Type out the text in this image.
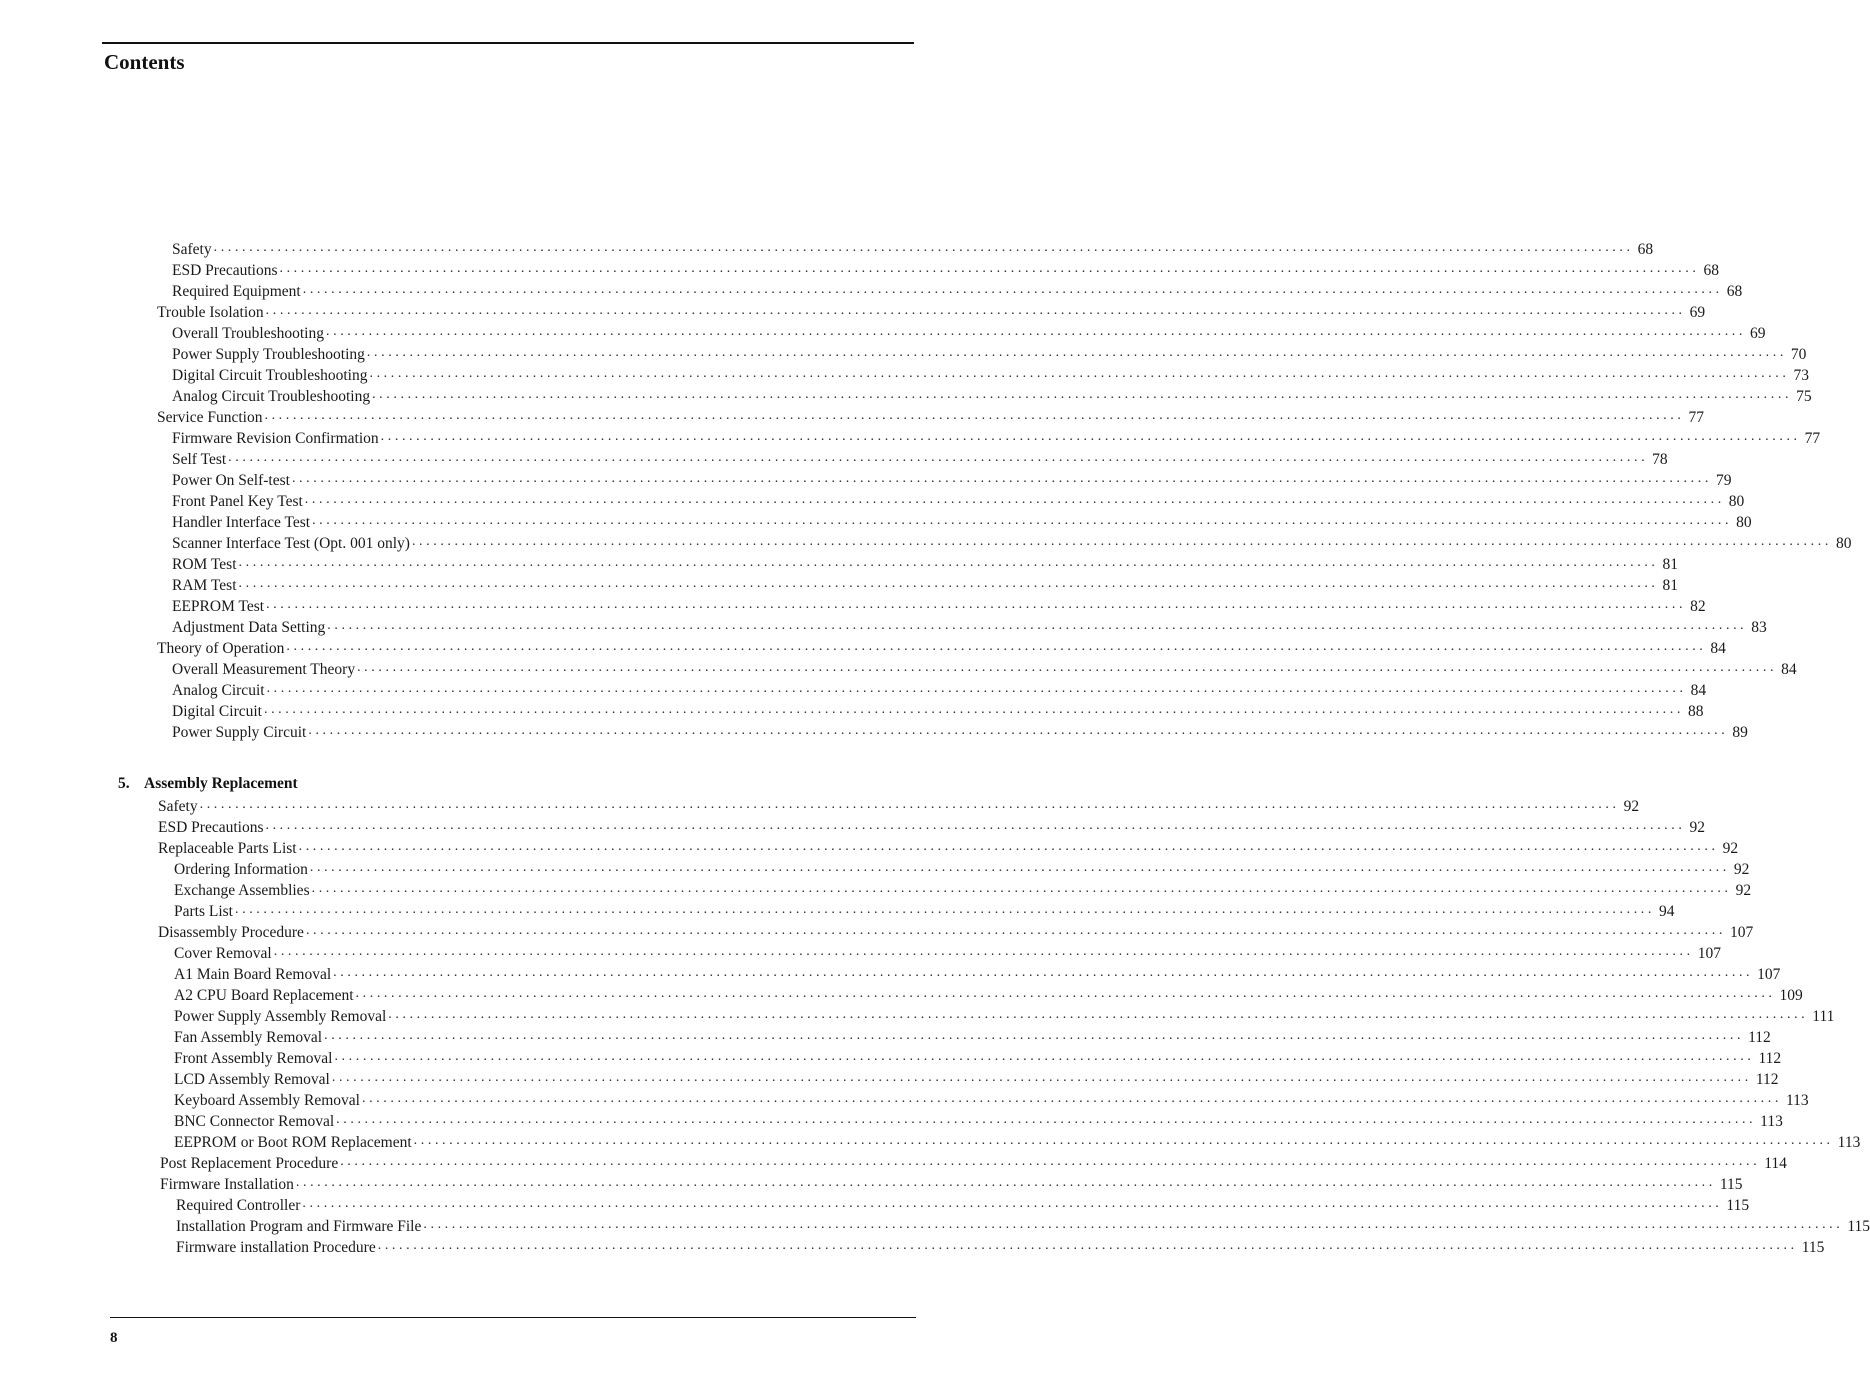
Contents
Safety ........................................................................................................................................................................................................ 68
ESD Precautions ........................................................................................................................................................................................................ 68
Required Equipment ........................................................................................................................................................................................................ 68
Trouble Isolation ........................................................................................................................................................................................................ 69
Overall Troubleshooting ........................................................................................................................................................................................................ 69
Power Supply Troubleshooting ........................................................................................................................................................................................................ 70
Digital Circuit Troubleshooting ........................................................................................................................................................................................................ 73
Analog Circuit Troubleshooting ........................................................................................................................................................................................................ 75
Service Function ........................................................................................................................................................................................................ 77
Firmware Revision Confirmation ........................................................................................................................................................................................................ 77
Self Test ........................................................................................................................................................................................................ 78
Power On Self-test ........................................................................................................................................................................................................ 79
Front Panel Key Test ........................................................................................................................................................................................................ 80
Handler Interface Test ........................................................................................................................................................................................................ 80
Scanner Interface Test (Opt. 001 only) ........................................................................................................................................................................................................ 80
ROM Test ........................................................................................................................................................................................................ 81
RAM Test ........................................................................................................................................................................................................ 81
EEPROM Test ........................................................................................................................................................................................................ 82
Adjustment Data Setting ........................................................................................................................................................................................................ 83
Theory of Operation ........................................................................................................................................................................................................ 84
Overall Measurement Theory ........................................................................................................................................................................................................ 84
Analog Circuit ........................................................................................................................................................................................................ 84
Digital Circuit ........................................................................................................................................................................................................ 88
Power Supply Circuit ........................................................................................................................................................................................................ 89
Safety ........................................................................................................................................................................................................ 92
ESD Precautions ........................................................................................................................................................................................................ 92
Replaceable Parts List ........................................................................................................................................................................................................ 92
Ordering Information ........................................................................................................................................................................................................ 92
Exchange Assemblies ........................................................................................................................................................................................................ 92
Parts List ........................................................................................................................................................................................................ 94
Disassembly Procedure ........................................................................................................................................................................................................ 107
Cover Removal ........................................................................................................................................................................................................ 107
A1 Main Board Removal ........................................................................................................................................................................................................ 107
A2 CPU Board Replacement ........................................................................................................................................................................................................ 109
Power Supply Assembly Removal ........................................................................................................................................................................................................ 111
Fan Assembly Removal ........................................................................................................................................................................................................ 112
Front Assembly Removal ........................................................................................................................................................................................................ 112
LCD Assembly Removal ........................................................................................................................................................................................................ 112
Keyboard Assembly Removal ........................................................................................................................................................................................................ 113
BNC Connector Removal ........................................................................................................................................................................................................ 113
EEPROM or Boot ROM Replacement ........................................................................................................................................................................................................ 113
Post Replacement Procedure ........................................................................................................................................................................................................ 114
Firmware Installation ........................................................................................................................................................................................................ 115
Required Controller ........................................................................................................................................................................................................ 115
Installation Program and Firmware File ........................................................................................................................................................................................................ 115
Firmware installation Procedure ........................................................................................................................................................................................................ 115
5. Assembly Replacement
8
